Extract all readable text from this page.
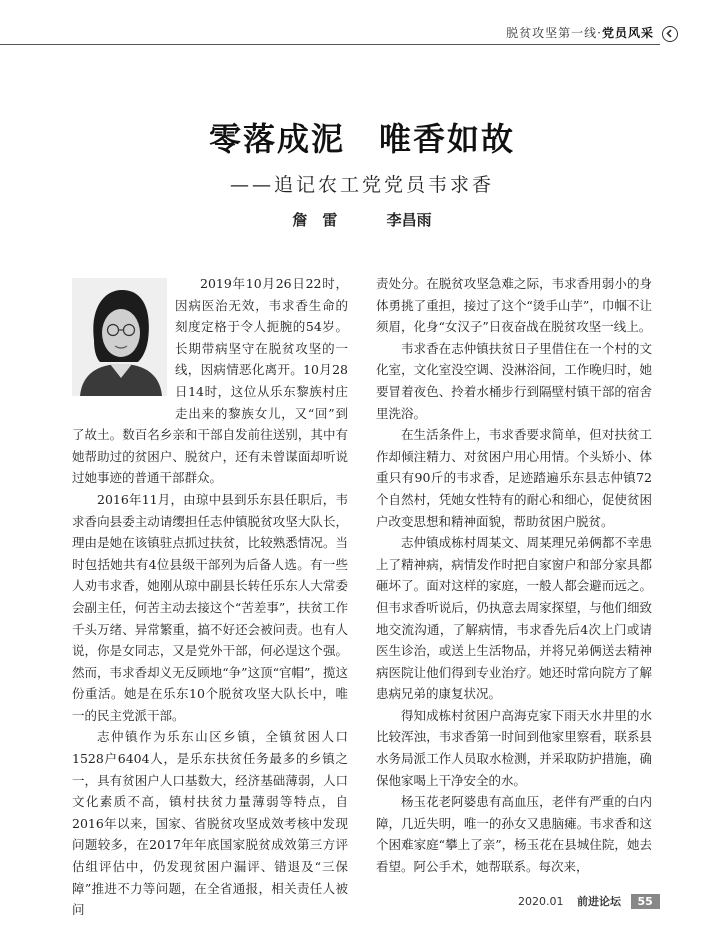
脱贫攻坚第一线·党员风采
零落成泥　唯香如故
——追记农工党党员韦求香
詹　雷	李昌雨

2019年10月26日22时，因病医治无效，韦求香生命的刻度定格于令人扼腕的54岁。长期带病坚守在脱贫攻坚的一线，因病情恶化离开。10月28日14时，这位从乐东黎族村庄走出来的黎族女儿，又“回”到了故土。数百名乡亲和干部自发前往送别，其中有她帮助过的贫困户、脱贫户，还有未曾谋面却听说过她事迹的普通干部群众。

2016年11月，由琼中县到乐东县任职后，韦求香向县委主动请缨担任志仲镇脱贫攻坚大队长，理由是她在该镇驻点抓过扶贫，比较熟悉情况。当时包括她共有4位县级干部列为后备人选。有一些人劝韦求香，她刚从琼中副县长转任乐东人大常委会副主任，何苦主动去接这个“苦差事”，扶贫工作千头万绪、异常繁重，搞不好还会被问责。也有人说，你是女同志，又是党外干部，何必逞这个强。然而，韦求香却义无反顾地“争”这顶“官帽”，揽这份重活。她是在乐东10个脱贫攻坚大队长中，唯一的民主党派干部。

志仲镇作为乐东山区乡镇，全镇贫困人口1528户6404人，是乐东扶贫任务最多的乡镇之一，具有贫困户人口基数大，经济基础薄弱，人口文化素质不高，镇村扶贫力量薄弱等特点，自2016年以来，国家、省脱贫攻坚成效考核中发现问题较多，在2017年年底国家脱贫成效第三方评估组评估中，仍发现贫困户漏评、错退及“三保障”推进不力等问题，在全省通报，相关责任人被问

责处分。在脱贫攻坚急难之际，韦求香用弱小的身体勇挑了重担，接过了这个“烫手山芋”，巾帼不让须眉，化身“女汉子”日夜奋战在脱贫攻坚一线上。

韦求香在志仲镇扶贫日子里借住在一个村的文化室，文化室没空调、没淋浴间，工作晚归时，她要冒着夜色、拎着水桶步行到隔壁村镇干部的宿舍里洗浴。

在生活条件上，韦求香要求简单，但对扶贫工作却倾注精力、对贫困户用心用情。个头矫小、体重只有90斤的韦求香，足迹踏遍乐东县志仲镇72个自然村，凭她女性特有的耐心和细心，促使贫困户改变思想和精神面貌，帮助贫困户脱贫。

志仲镇成栋村周某文、周某理兄弟俩都不幸患上了精神病，病情发作时把自家窗户和部分家具都砸坏了。面对这样的家庭，一般人都会避而远之。但韦求香听说后，仍执意去周家探望，与他们细致地交流沟通，了解病情，韦求香先后4次上门或请医生诊治，或送上生活物品，并将兄弟俩送去精神病医院让他们得到专业治疗。她还时常向院方了解患病兄弟的康复状况。

得知成栋村贫困户高海克家下雨天水井里的水比较浑浊，韦求香第一时间到他家里察看，联系县水务局派工作人员取水检测，并采取防护措施，确保他家喝上干净安全的水。

杨玉花老阿婆患有高血压，老伴有严重的白内障，几近失明，唯一的孙女又患脑瘫。韦求香和这个困难家庭“攀上了亲”，杨玉花在县城住院，她去看望。阿公手术，她帮联系。每次来，

2020.01 前进论坛 55
